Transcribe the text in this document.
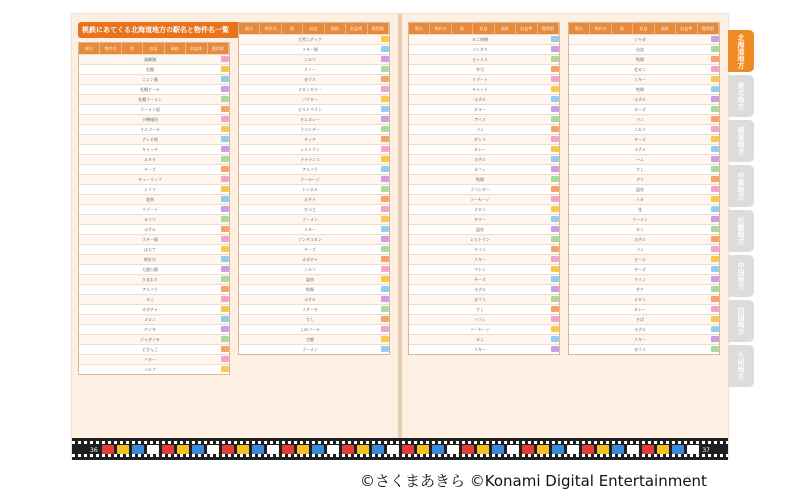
桃鉄にあてくる北海道地方の駅名と物件名一覧
駅名	物件名	数	収益	価格	収益率	獲得額
洞爺湖
札幌
ニシン漁
札幌ビール
札幌ラーメン
ラーメン屋
小樽運河
オルゴール
テレビ塔
キャッチ
ルタオ
チーズ
チューリップ
シリマ
花咲
リゾート
ヨリコ
ホテル
スキー場
ほたて
時計台
大通公園
ひまわり
アスパラ
カニ
カボチャ
メロン
ゲンキ
ジャガイモ
どさんこ
バター
バルブ
駅名	物件名	数	収益	価格	収益率	獲得額
大雪ニテック
スキー場
ニセコ
スノー
ガラス
メロンゼリー
パウロー
ビルトペラン
オムカレー
ラベンダー
タッチ
レストラン
ナナナンス
アスパラ
ソーセージ
トンネル
ポテト
ひつじ
ラーメン
スキー
ジンギスカン
チーズ
カボチャ
ニセコ
温泉
牧場
ホテル
ステーキ
すし
しめパール
空港
ラーメン
駅名	物件名	数	収益	価格	収益率	獲得額
カニ料理
ソンダス
ピッスメ
弁当
リゾート
キャット
ホテル
カヌー
アイス
パン
ダンス
カレー
ホテル
カフェ
牧場
ラベンダー
ソーセージ
メロン
タワー
温泉
レストラン
ワイン
スキー
マトン
チーズ
ホテル
ガラス
すし
パフェ
ソーセージ
カニ
スキー
駅名	物件名	数	収益	価格	収益率	獲得額
ジャガ
缶詰
牧場
毛ガニ
スキー
牧場
ホテル
ローズ
パン
ニセコ
チーズ
ホテル
ハム
すし
デコ
温泉
イカ
花
ラーメン
カニ
ホテル
パン
ビール
チーズ
ワイン
サケ
メロン
カレー
そば
ホテル
スキー
ガラス
北海道地方
東北地方
関東地方
中部地方
近畿地方
中国地方
四国地方
九州地方
36	37
©さくまあきら ©Konami Digital Entertainment
